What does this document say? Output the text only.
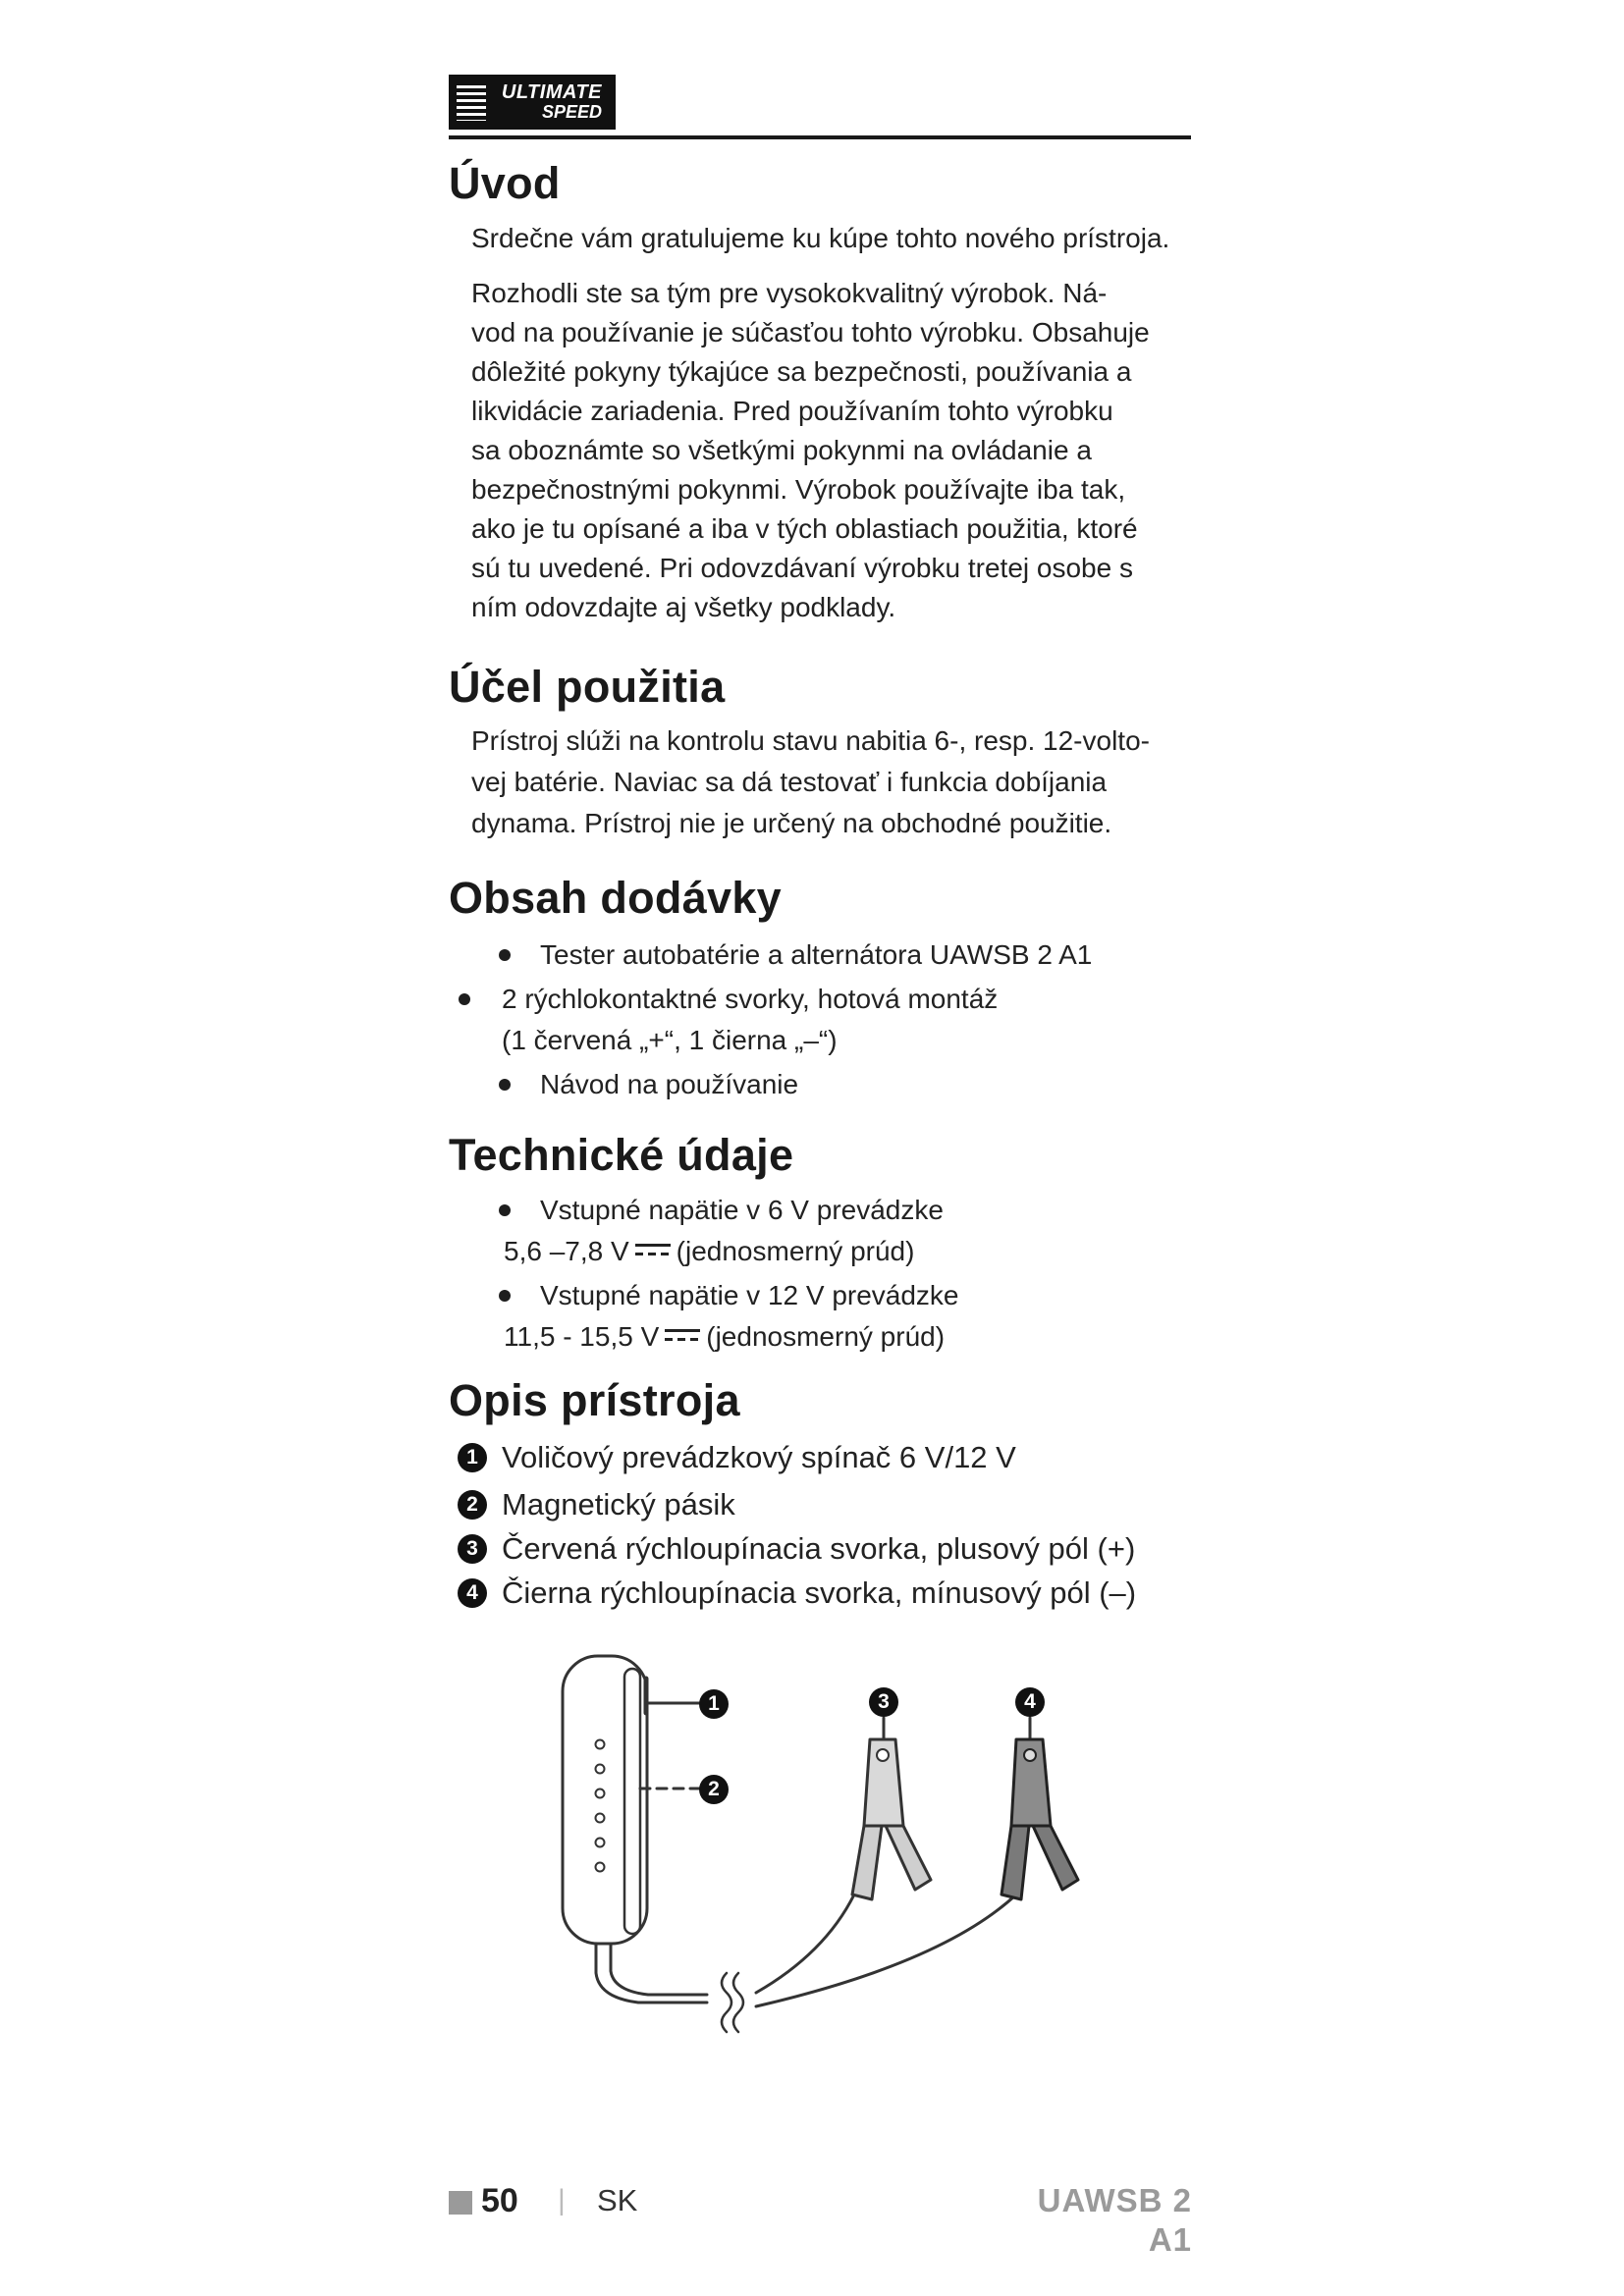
ULTIMATE
SPEED
Úvod

Srdečne vám gratulujeme ku kúpe tohto nového prístroja.

Rozhodli ste sa tým pre vysokokvalitný výrobok. Ná-

vod na používanie je súčasťou tohto výrobku. Obsahuje

dôležité pokyny týkajúce sa bezpečnosti, používania a

likvidácie zariadenia. Pred používaním tohto výrobku

sa oboznámte so všetkými pokynmi na ovládanie a

bezpečnostnými pokynmi. Výrobok používajte iba tak,

ako je tu opísané a iba v tých oblastiach použitia, ktoré

sú tu uvedené. Pri odovzdávaní výrobku tretej osobe s

ním odovzdajte aj všetky podklady.

Účel použitia

Prístroj slúži na kontrolu stavu nabitia 6-, resp. 12-volto-

vej batérie. Naviac sa dá testovať i funkcia dobíjania

dynama. Prístroj nie je určený na obchodné použitie.

Obsah dodávky

Tester autobatérie a alternátora UAWSB 2 A1

2 rýchlokontaktné svorky, hotová montáž

(1 červená „+“, 1 čierna „–“)

Návod na používanie

Technické údaje

Vstupné napätie v 6 V prevádzke

5,6 –7,8 V (jednosmerný prúd)

Vstupné napätie v 12 V prevádzke

11,5 - 15,5 V (jednosmerný prúd)

Opis prístroja
1 Voličový prevádzkový spínač 6 V/12 V

2 Magnetický pásik

3 Červená rýchloupínacia svorka, plusový pól (+)

4 Čierna rýchloupínacia svorka, mínusový pól (–)

1
2
3	4
50 | SK	UAWSB 2 A1
